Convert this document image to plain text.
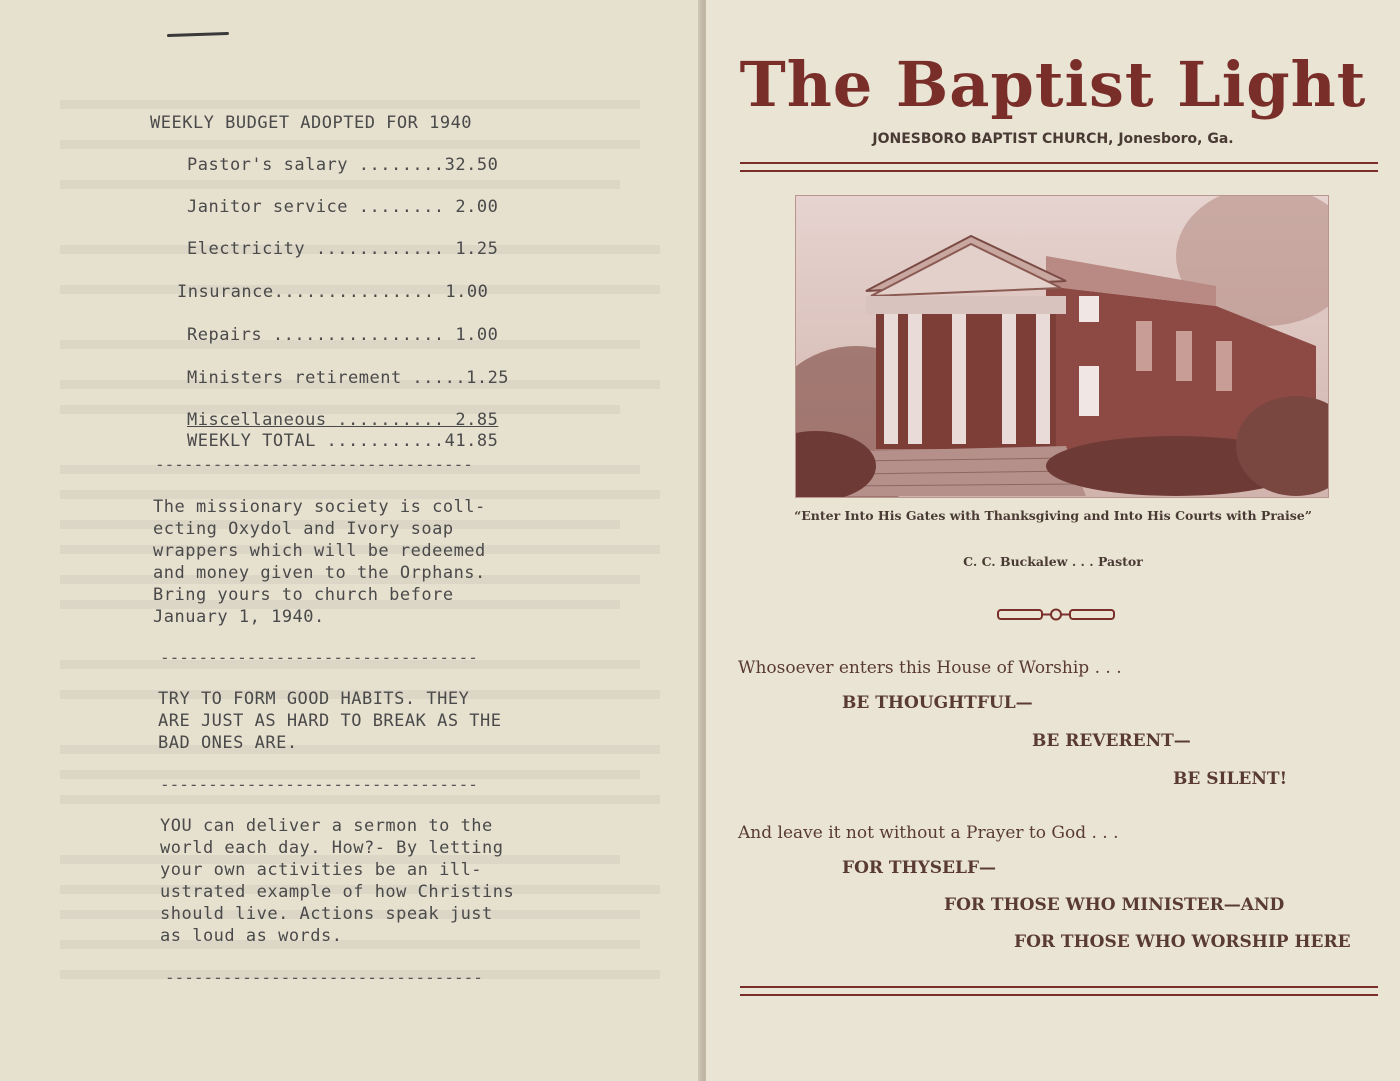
WEEKLY BUDGET ADOPTED FOR 1940
Pastor's salary ........32.50
Janitor service ........ 2.00
Electricity ............ 1.25
Insurance............... 1.00
Repairs ................ 1.00
Ministers retirement .....1.25
Miscellaneous .......... 2.85
WEEKLY TOTAL ...........41.85
---------------------------------
The missionary society is coll-
ecting Oxydol and Ivory soap
wrappers which will be redeemed
and money given to the Orphans.
Bring yours to church before
January 1, 1940.
---------------------------------
TRY TO FORM GOOD HABITS. THEY
ARE JUST AS HARD TO BREAK AS THE
BAD ONES ARE.
---------------------------------
YOU can deliver a sermon to the
world each day. How?- By letting
your own activities be an ill-
ustrated example of how Christins
should live. Actions speak just
as loud as words.
---------------------------------
The Baptist Light
JONESBORO BAPTIST CHURCH, Jonesboro, Ga.
“Enter Into His Gates with Thanksgiving and Into His Courts with Praise”
C. C. Buckalew . . . Pastor
Whosoever enters this House of Worship . . .
BE THOUGHTFUL—
BE REVERENT—
BE SILENT!
And leave it not without a Prayer to God . . .
FOR THYSELF—
FOR THOSE WHO MINISTER—AND
FOR THOSE WHO WORSHIP HERE
